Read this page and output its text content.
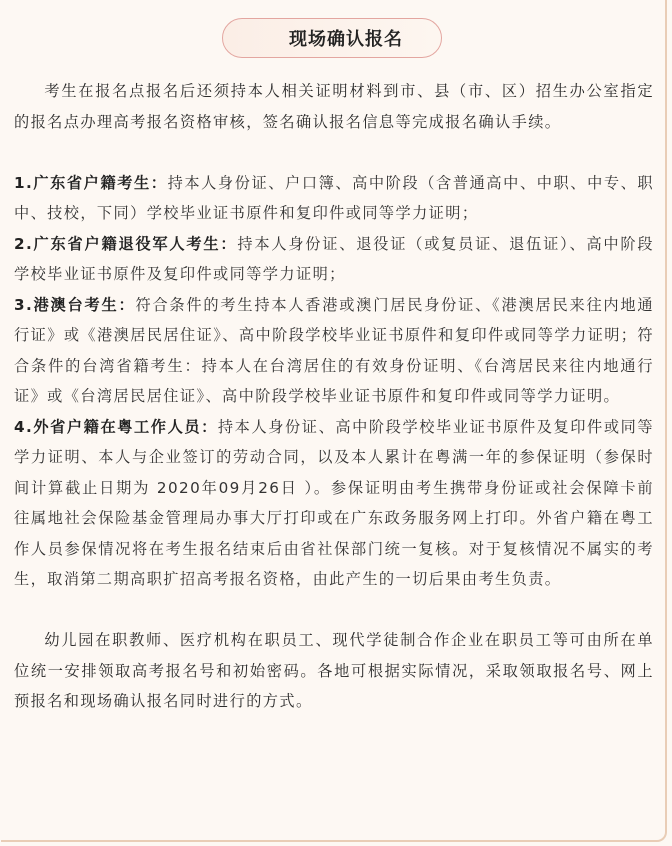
现场确认报名

考生在报名点报名后还须持本人相关证明材料到市、县（市、区）招生办公室指定的报名点办理高考报名资格审核，签名确认报名信息等完成报名确认手续。

1.广东省户籍考生：持本人身份证、户口簿、高中阶段（含普通高中、中职、中专、职中、技校，下同）学校毕业证书原件和复印件或同等学力证明；

2.广东省户籍退役军人考生：持本人身份证、退役证（或复员证、退伍证）、高中阶段学校毕业证书原件及复印件或同等学力证明；

3.港澳台考生：符合条件的考生持本人香港或澳门居民身份证、《港澳居民来往内地通行证》或《港澳居民居住证》、高中阶段学校毕业证书原件和复印件或同等学力证明；符合条件的台湾省籍考生：持本人在台湾居住的有效身份证明、《台湾居民来往内地通行证》或《台湾居民居住证》、高中阶段学校毕业证书原件和复印件或同等学力证明。

4.外省户籍在粤工作人员：持本人身份证、高中阶段学校毕业证书原件及复印件或同等学力证明、本人与企业签订的劳动合同，以及本人累计在粤满一年的参保证明（参保时间计算截止日期为 2020年09月26日 ）。参保证明由考生携带身份证或社会保障卡前往属地社会保险基金管理局办事大厅打印或在广东政务服务网上打印。外省户籍在粤工作人员参保情况将在考生报名结束后由省社保部门统一复核。对于复核情况不属实的考生，取消第二期高职扩招高考报名资格，由此产生的一切后果由考生负责。

幼儿园在职教师、医疗机构在职员工、现代学徒制合作企业在职员工等可由所在单位统一安排领取高考报名号和初始密码。各地可根据实际情况，采取领取报名号、网上预报名和现场确认报名同时进行的方式。
